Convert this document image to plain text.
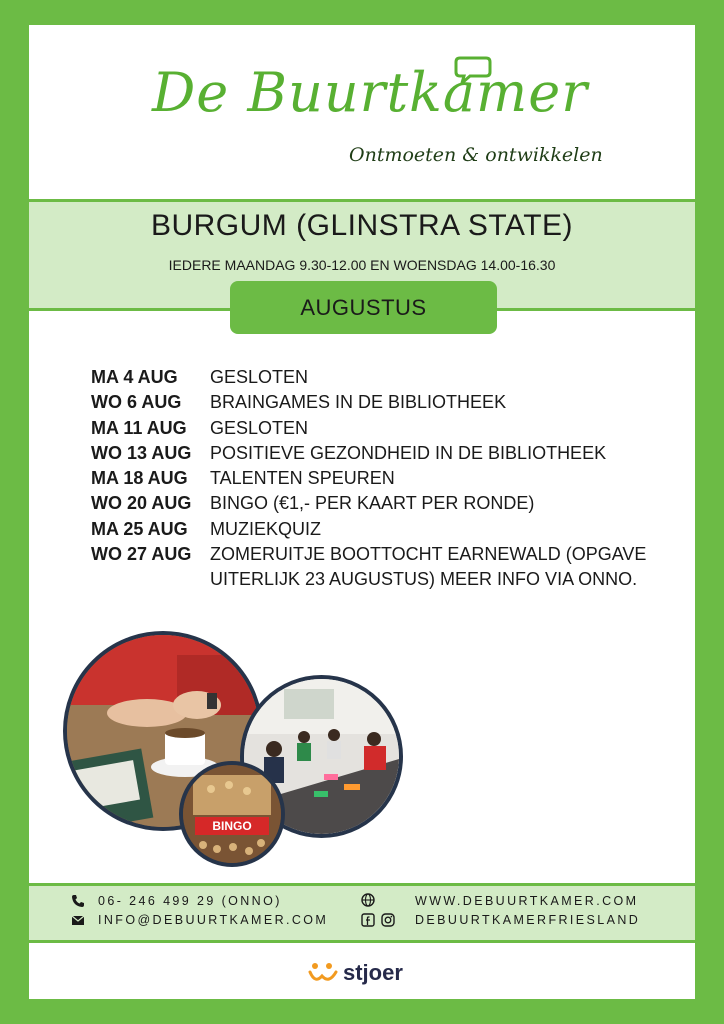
De Buurtkamer
Ontmoeten & ontwikkelen
BURGUM (GLINSTRA STATE)
IEDERE MAANDAG 9.30-12.00 EN WOENSDAG 14.00-16.30
AUGUSTUS
MA 4 AUG	GESLOTEN
WO 6 AUG	BRAINGAMES IN DE BIBLIOTHEEK
MA 11 AUG	GESLOTEN
WO 13 AUG	POSITIEVE GEZONDHEID IN DE BIBLIOTHEEK
MA 18 AUG	TALENTEN SPEUREN
WO 20 AUG	BINGO (€1,- PER KAART PER RONDE)
MA 25 AUG	MUZIEKQUIZ
WO 27 AUG	ZOMERUITJE BOOTTOCHT EARNEWALD (OPGAVE UITERLIJK 23 AUGUSTUS) MEER INFO VIA ONNO.
BINGO
06- 246 499 29 (ONNO)
INFO@DEBUURTKAMER.COM
WWW.DEBUURTKAMER.COM
DEBUURTKAMERFRIESLAND
stjoer
